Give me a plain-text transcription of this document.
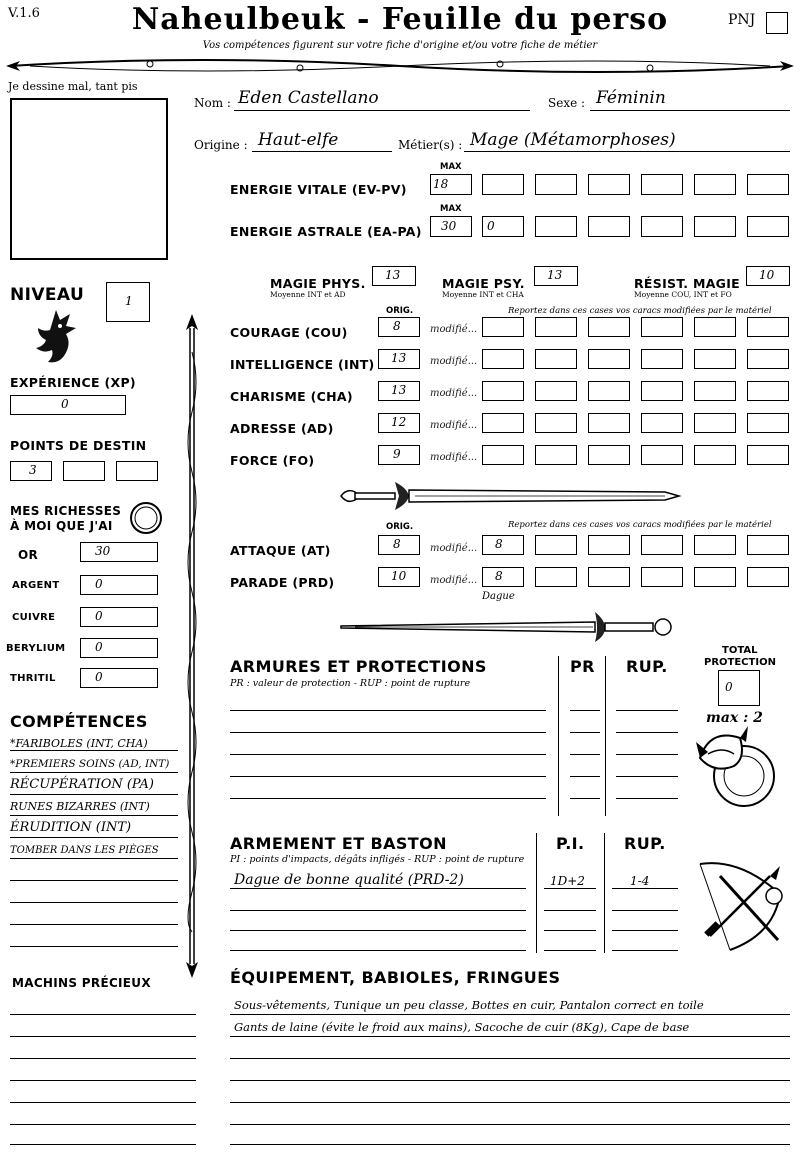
V.1.6	Naheulbeuk - Feuille du perso
Vos compétences figurent sur votre fiche d'origine et/ou votre fiche de métier
PNJ
Je dessine mal, tant pis
Nom : Eden Castellano	Sexe : Féminin
Origine : Haut-elfe	Métier(s) : Mage (Métamorphoses)
MAX
ENERGIE VITALE (EV-PV) 18
MAX
ENERGIE ASTRALE (EA-PA) 30	0
MAGIE PHYS.
13
Moyenne INT et AD
MAGIE PSY.
13
Moyenne INT et CHA
RÉSIST. MAGIE
10
Moyenne COU, INT et FO
ORIG.	Reportez dans ces cases vos caracs modifiées par le matériel
COURAGE (COU)	8	modifié...
INTELLIGENCE (INT) 13 modifié...
CHARISME (CHA)	13 modifié...
ADRESSE (AD)	12 modifié...
FORCE (FO)	9	modifié...
ORIG.	Reportez dans ces cases vos caracs modifiées par le matériel
ATTAQUE (AT)	8	modifié... 8
PARADE (PRD)	10 modifié... 8
Dague
NIVEAU	1
EXPÉRIENCE (XP)
0
POINTS DE DESTIN
3
MES RICHESSES
À MOI QUE J'AI
OR	30
ARGENT	0
CUIVRE	0
BERYLIUM 0
THRITIL	0
COMPÉTENCES
*FARIBOLES (INT, CHA)
*PREMIERS SOINS (AD, INT)
RÉCUPÉRATION (PA)
RUNES BIZARRES (INT)
ÉRUDITION (INT)
TOMBER DANS LES PIÈGES
MACHINS PRÉCIEUX
ARMURES ET PROTECTIONS
PR : valeur de protection - RUP : point de rupture
PR RUP.
TOTAL
PROTECTION
0
max : 2
ARMEMENT ET BASTON
PI : points d'impacts, dégâts infligés - RUP : point de rupture
P.I. RUP.
Dague de bonne qualité (PRD-2)	1D+2	1-4
ÉQUIPEMENT, BABIOLES, FRINGUES
Sous-vêtements, Tunique un peu classe, Bottes en cuir, Pantalon correct en toile
Gants de laine (évite le froid aux mains), Sacoche de cuir (8Kg), Cape de base
